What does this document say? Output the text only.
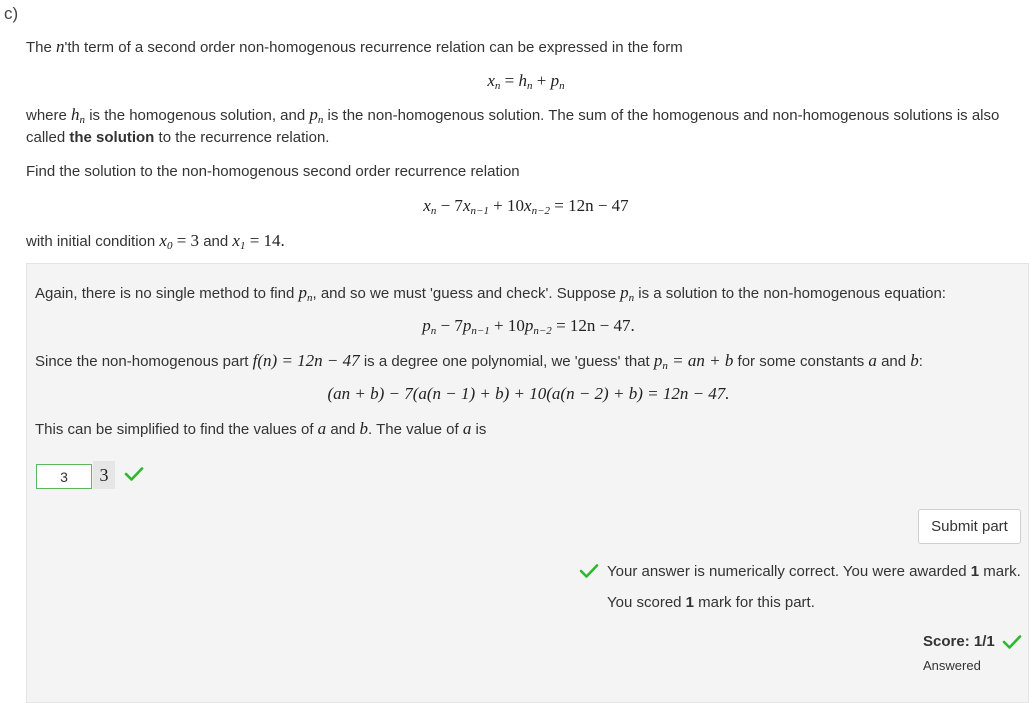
c)
The n'th term of a second order non-homogenous recurrence relation can be expressed in the form
$x_n = h_n + p_n$
where $h_n$ is the homogenous solution, and $p_n$ is the non-homogenous solution. The sum of the homogenous and non-homogenous solutions is also
called the solution to the recurrence relation.
Find the solution to the non-homogenous second order recurrence relation
$x_n - 7x_{n-1} + 10x_{n-2} = 12n - 47$
with initial condition $x_0 = 3$ and $x_1 = 14$.
Again, there is no single method to find $p_n$, and so we must 'guess and check'. Suppose $p_n$ is a solution to the non-homogenous equation:
$p_n - 7p_{n-1} + 10p_{n-2} = 12n - 47$.
Since the non-homogenous part f(n) = 12n − 47 is a degree one polynomial, we 'guess' that $p_n$ = an + b for some constants a and b:
(an + b) − 7(a(n − 1) + b) + 10(a(n − 2) + b) = 12n − 47.
This can be simplified to find the values of a and b. The value of a is
3
3
Submit part
Your answer is numerically correct. You were awarded 1 mark.
You scored 1 mark for this part.
Score: 1/1
Answered
